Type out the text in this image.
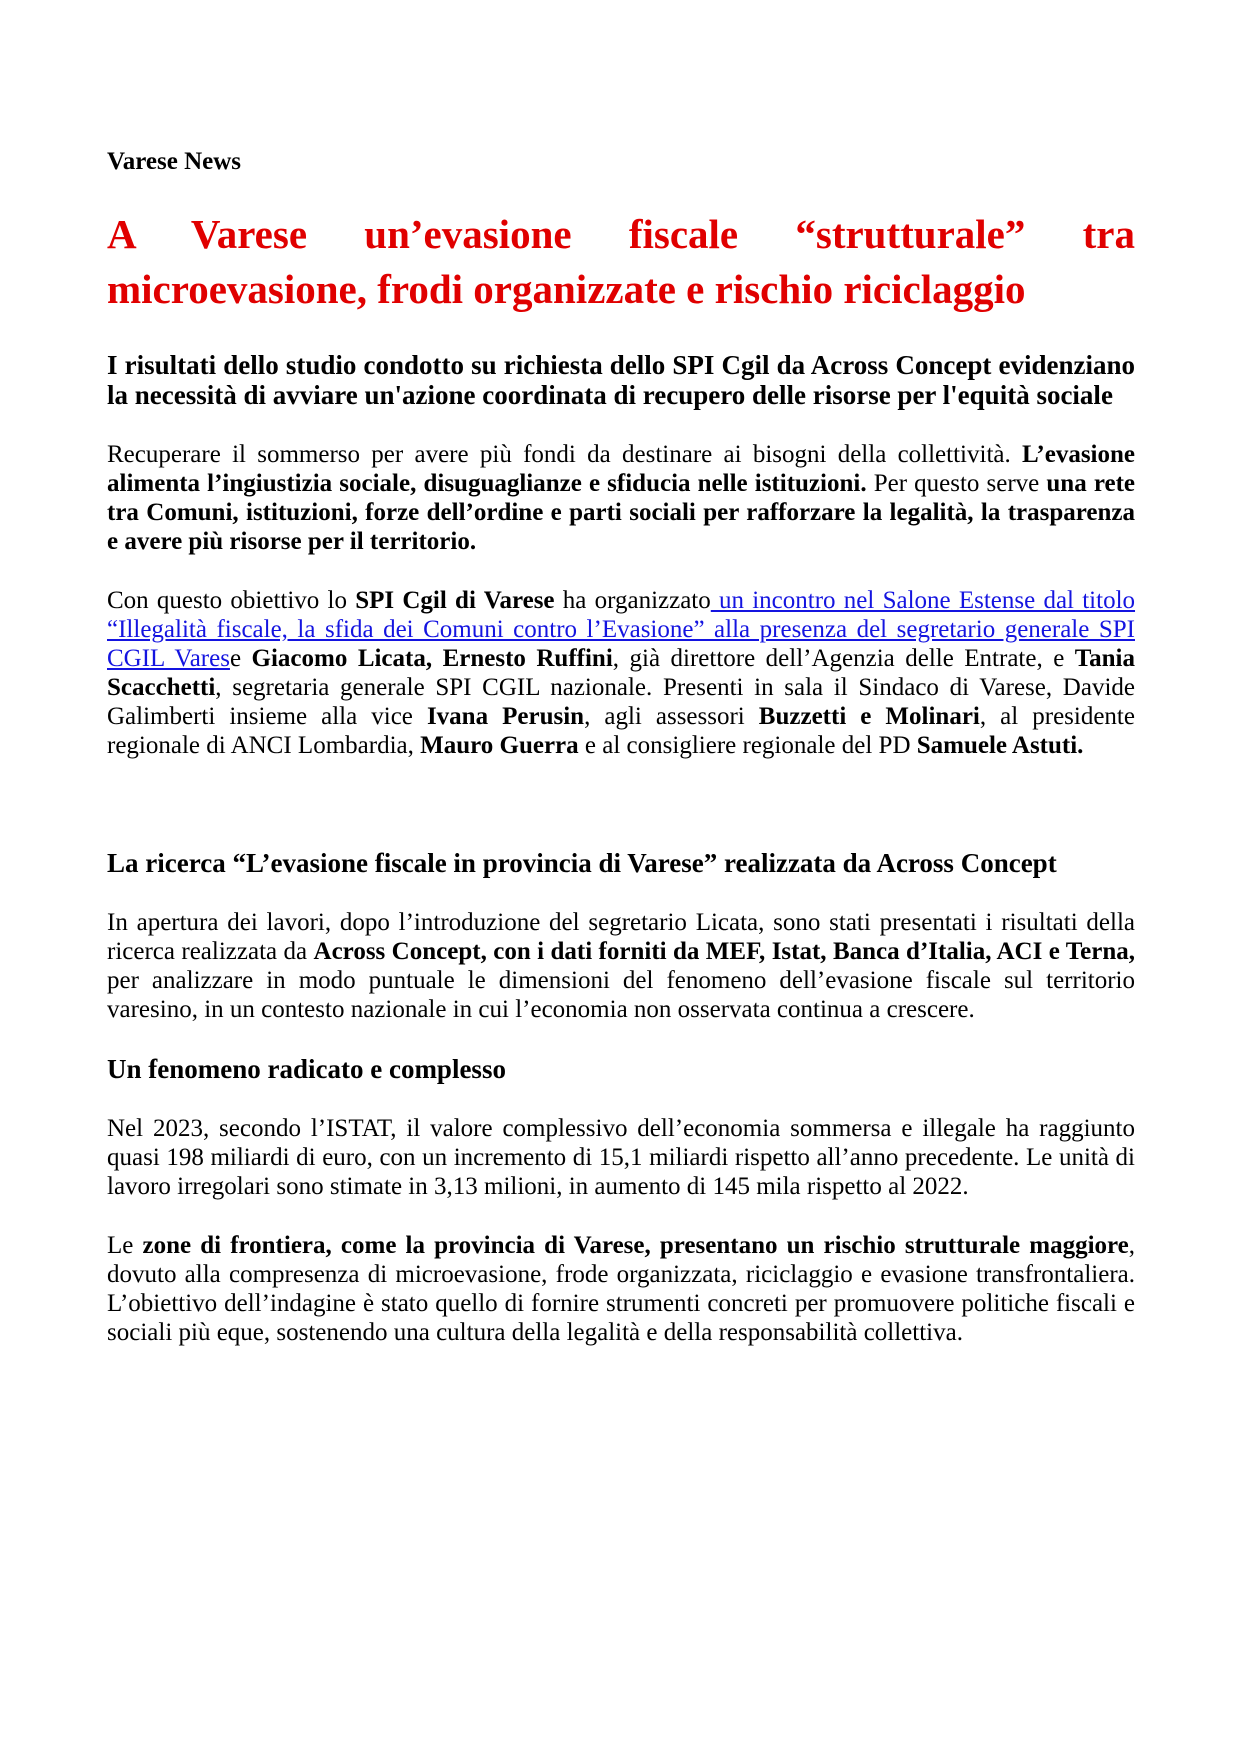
Varese News

A Varese un’evasione fiscale “strutturale” tra microevasione, frodi organizzate e rischio riciclaggio

I risultati dello studio condotto su richiesta dello SPI Cgil da Across Concept evidenziano la necessità di avviare un'azione coordinata di recupero delle risorse per l'equità sociale

Recuperare il sommerso per avere più fondi da destinare ai bisogni della collettività. L’evasione alimenta l’ingiustizia sociale, disuguaglianze e sfiducia nelle istituzioni. Per questo serve una rete tra Comuni, istituzioni, forze dell’ordine e parti sociali per rafforzare la legalità, la trasparenza e avere più risorse per il territorio.

Con questo obiettivo lo SPI Cgil di Varese ha organizzato un incontro nel Salone Estense dal titolo “Illegalità fiscale, la sfida dei Comuni contro l’Evasione” alla presenza del segretario generale SPI CGIL Varese Giacomo Licata, Ernesto Ruffini, già direttore dell’Agenzia delle Entrate, e Tania Scacchetti, segretaria generale SPI CGIL nazionale. Presenti in sala il Sindaco di Varese, Davide Galimberti insieme alla vice Ivana Perusin, agli assessori Buzzetti e Molinari, al presidente regionale di ANCI Lombardia, Mauro Guerra e al consigliere regionale del PD Samuele Astuti.

La ricerca “L’evasione fiscale in provincia di Varese” realizzata da Across Concept

In apertura dei lavori, dopo l’introduzione del segretario Licata, sono stati presentati i risultati della ricerca realizzata da Across Concept, con i dati forniti da MEF, Istat, Banca d’Italia, ACI e Terna, per analizzare in modo puntuale le dimensioni del fenomeno dell’evasione fiscale sul territorio varesino, in un contesto nazionale in cui l’economia non osservata continua a crescere.

Un fenomeno radicato e complesso

Nel 2023, secondo l’ISTAT, il valore complessivo dell’economia sommersa e illegale ha raggiunto quasi 198 miliardi di euro, con un incremento di 15,1 miliardi rispetto all’anno precedente. Le unità di lavoro irregolari sono stimate in 3,13 milioni, in aumento di 145 mila rispetto al 2022.

Le zone di frontiera, come la provincia di Varese, presentano un rischio strutturale maggiore, dovuto alla compresenza di microevasione, frode organizzata, riciclaggio e evasione transfrontaliera. L’obiettivo dell’indagine è stato quello di fornire strumenti concreti per promuovere politiche fiscali e sociali più eque, sostenendo una cultura della legalità e della responsabilità collettiva.
